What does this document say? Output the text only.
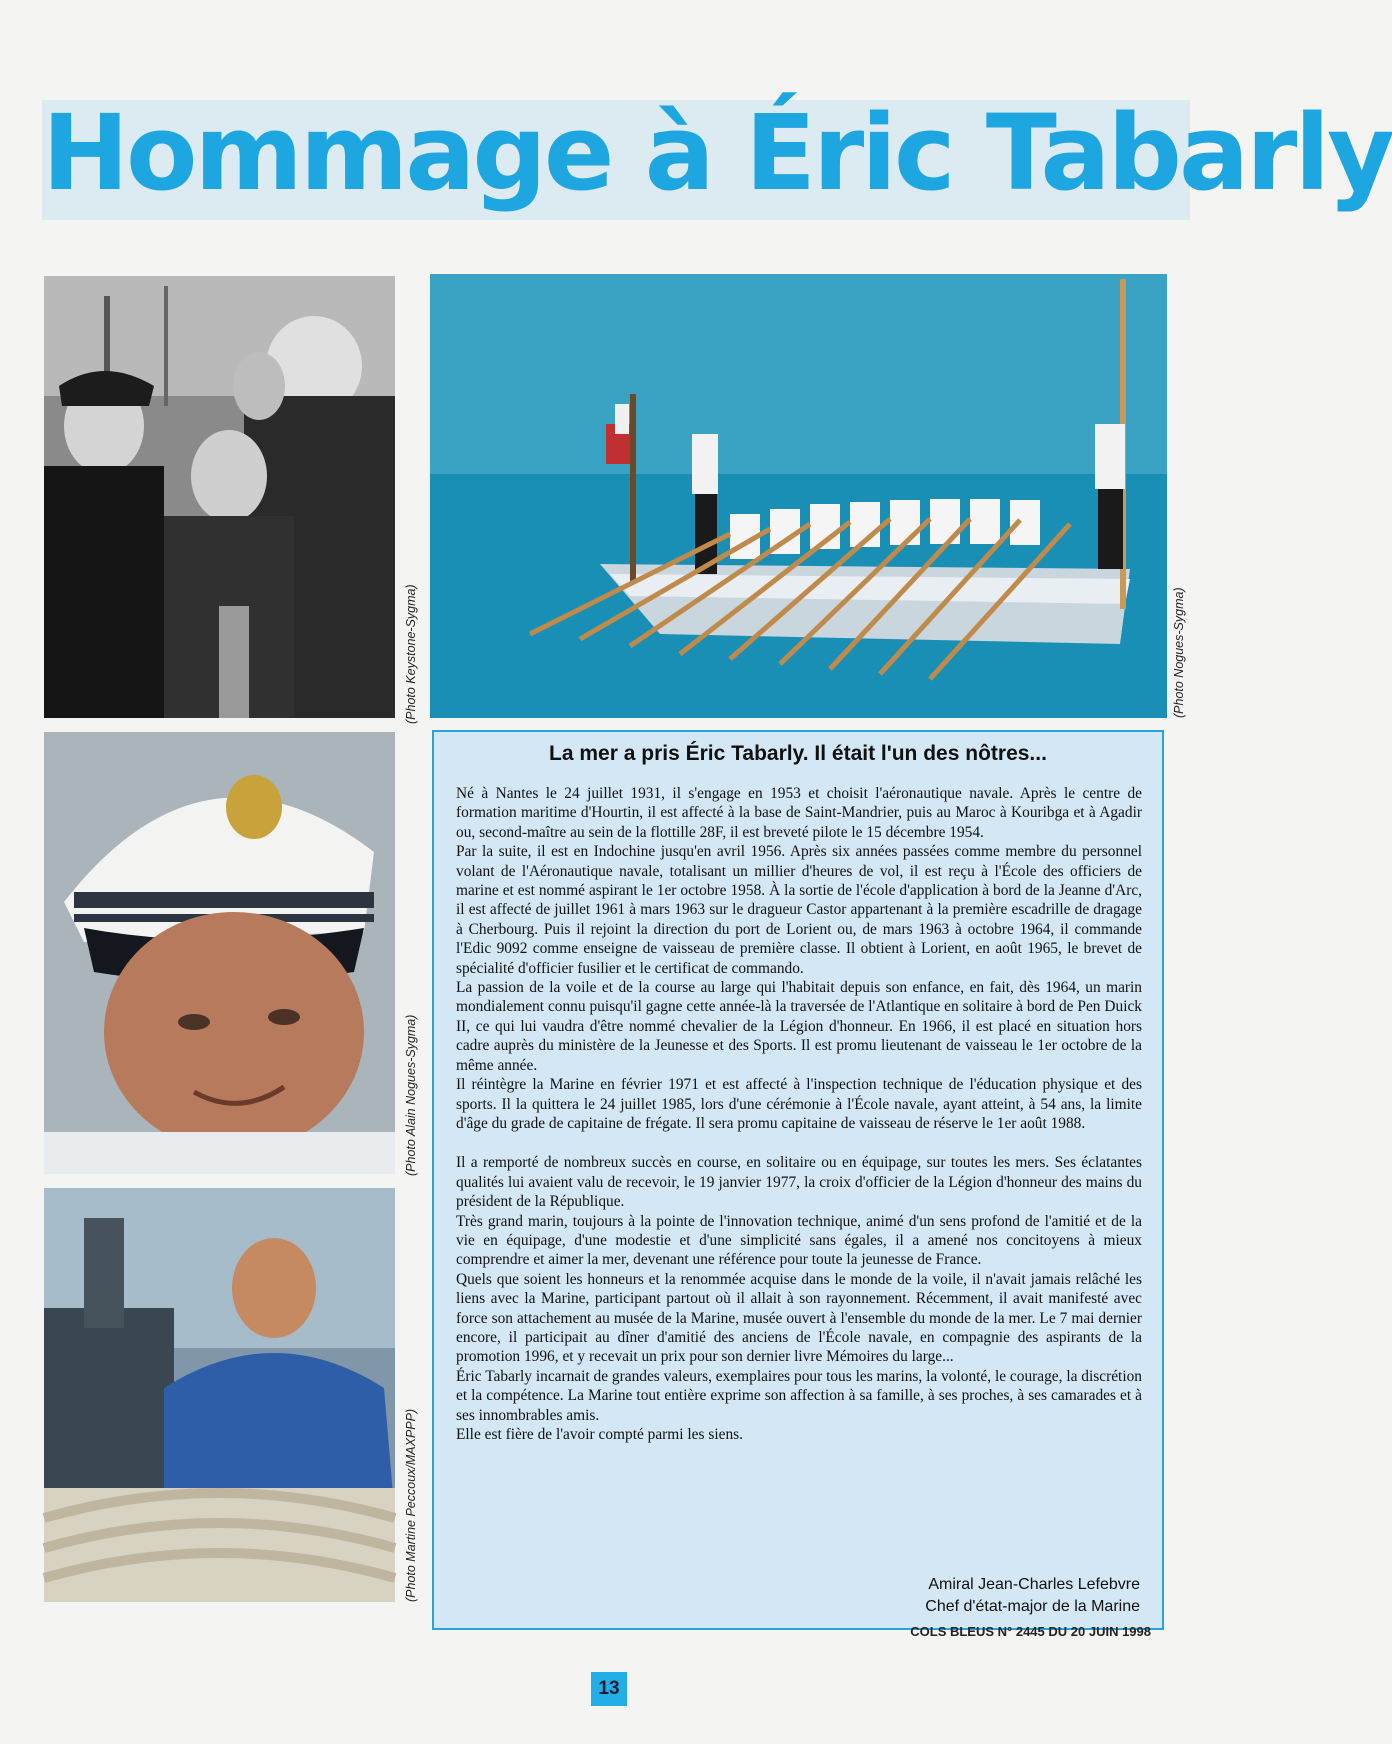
Hommage à Éric Tabarly
(Photo Keystone-Sygma)	(Photo Nogues-Sygma)
(Photo Alain Nogues-Sygma)
(Photo Martine Peccoux/MAXPPP)
La mer a pris Éric Tabarly. Il était l'un des nôtres...

Né à Nantes le 24 juillet 1931, il s'engage en 1953 et choisit l'aéronautique navale. Après le centre de formation maritime d'Hourtin, il est affecté à la base de Saint-Mandrier, puis au Maroc à Kouribga et à Agadir ou, second-maître au sein de la flottille 28F, il est breveté pilote le 15 décembre 1954.

Par la suite, il est en Indochine jusqu'en avril 1956. Après six années passées comme membre du personnel volant de l'Aéronautique navale, totalisant un millier d'heures de vol, il est reçu à l'École des officiers de marine et est nommé aspirant le 1er octobre 1958. À la sortie de l'école d'application à bord de la Jeanne d'Arc, il est affecté de juillet 1961 à mars 1963 sur le dragueur Castor appartenant à la première escadrille de dragage à Cherbourg. Puis il rejoint la direction du port de Lorient ou, de mars 1963 à octobre 1964, il commande l'Edic 9092 comme enseigne de vaisseau de première classe. Il obtient à Lorient, en août 1965, le brevet de spécialité d'officier fusilier et le certificat de commando.

La passion de la voile et de la course au large qui l'habitait depuis son enfance, en fait, dès 1964, un marin mondialement connu puisqu'il gagne cette année-là la traversée de l'Atlantique en solitaire à bord de Pen Duick II, ce qui lui vaudra d'être nommé chevalier de la Légion d'honneur. En 1966, il est placé en situation hors cadre auprès du ministère de la Jeunesse et des Sports. Il est promu lieutenant de vaisseau le 1er octobre de la même année.

Il réintègre la Marine en février 1971 et est affecté à l'inspection technique de l'éducation physique et des sports. Il la quittera le 24 juillet 1985, lors d'une cérémonie à l'École navale, ayant atteint, à 54 ans, la limite d'âge du grade de capitaine de frégate. Il sera promu capitaine de vaisseau de réserve le 1er août 1988.

Il a remporté de nombreux succès en course, en solitaire ou en équipage, sur toutes les mers. Ses éclatantes qualités lui avaient valu de recevoir, le 19 janvier 1977, la croix d'officier de la Légion d'honneur des mains du président de la République.

Très grand marin, toujours à la pointe de l'innovation technique, animé d'un sens profond de l'amitié et de la vie en équipage, d'une modestie et d'une simplicité sans égales, il a amené nos concitoyens à mieux comprendre et aimer la mer, devenant une référence pour toute la jeunesse de France.

Quels que soient les honneurs et la renommée acquise dans le monde de la voile, il n'avait jamais relâché les liens avec la Marine, participant partout où il allait à son rayonnement. Récemment, il avait manifesté avec force son attachement au musée de la Marine, musée ouvert à l'ensemble du monde de la mer. Le 7 mai dernier encore, il participait au dîner d'amitié des anciens de l'École navale, en compagnie des aspirants de la promotion 1996, et y recevait un prix pour son dernier livre Mémoires du large...

Éric Tabarly incarnait de grandes valeurs, exemplaires pour tous les marins, la volonté, le courage, la discrétion et la compétence. La Marine tout entière exprime son affection à sa famille, à ses proches, à ses camarades et à ses innombrables amis.

Elle est fière de l'avoir compté parmi les siens.

Amiral Jean-Charles Lefebvre
Chef d'état-major de la Marine
COLS BLEUS N° 2445 DU 20 JUIN 1998
13
